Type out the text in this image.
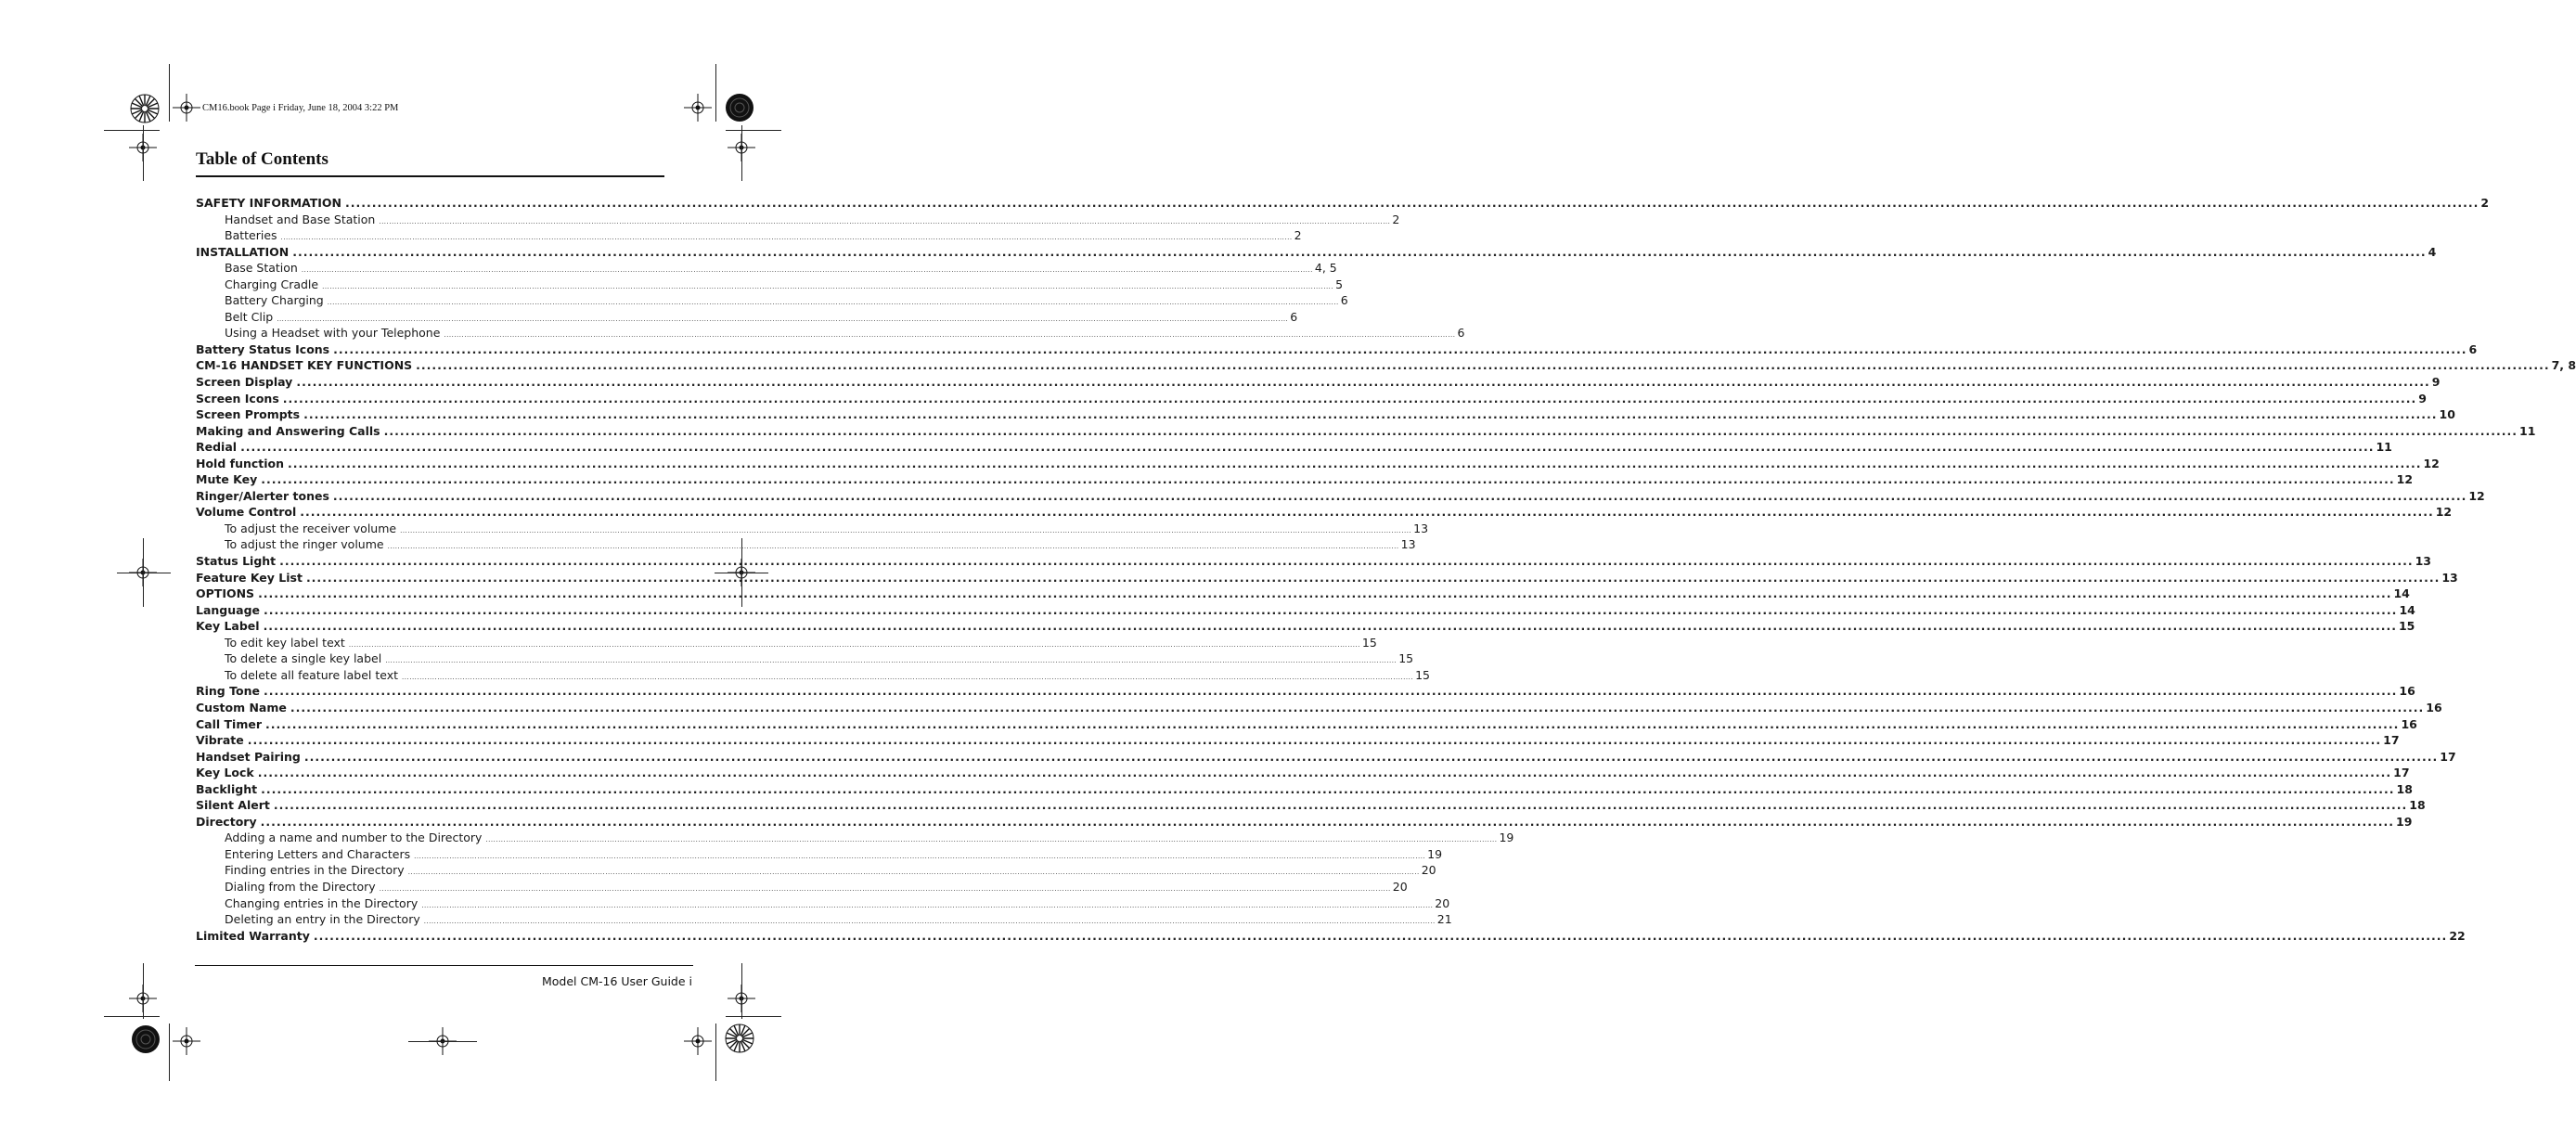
CM16.book Page i Friday, June 18, 2004 3:22 PM
Table of Contents
SAFETY INFORMATION ................................................................................................................................................................................................................................................................................................................................................................................................................ 2
Handset and Base Station ................................................................................................................................................................................................................................................................................................................................................................................................................ 2
Batteries ................................................................................................................................................................................................................................................................................................................................................................................................................ 2
INSTALLATION ................................................................................................................................................................................................................................................................................................................................................................................................................ 4
Base Station ................................................................................................................................................................................................................................................................................................................................................................................................................ 4, 5
Charging Cradle ................................................................................................................................................................................................................................................................................................................................................................................................................ 5
Battery Charging ................................................................................................................................................................................................................................................................................................................................................................................................................ 6
Belt Clip ................................................................................................................................................................................................................................................................................................................................................................................................................ 6
Using a Headset with your Telephone ................................................................................................................................................................................................................................................................................................................................................................................................................ 6
Battery Status Icons ................................................................................................................................................................................................................................................................................................................................................................................................................ 6
CM-16 HANDSET KEY FUNCTIONS ................................................................................................................................................................................................................................................................................................................................................................................................................ 7, 8
Screen Display ................................................................................................................................................................................................................................................................................................................................................................................................................ 9
Screen Icons ................................................................................................................................................................................................................................................................................................................................................................................................................ 9
Screen Prompts ................................................................................................................................................................................................................................................................................................................................................................................................................ 10
Making and Answering Calls ................................................................................................................................................................................................................................................................................................................................................................................................................ 11
Redial ................................................................................................................................................................................................................................................................................................................................................................................................................ 11
Hold function ................................................................................................................................................................................................................................................................................................................................................................................................................ 12
Mute Key ................................................................................................................................................................................................................................................................................................................................................................................................................ 12
Ringer/Alerter tones ................................................................................................................................................................................................................................................................................................................................................................................................................ 12
Volume Control ................................................................................................................................................................................................................................................................................................................................................................................................................ 12
To adjust the receiver volume ................................................................................................................................................................................................................................................................................................................................................................................................................ 13
To adjust the ringer volume ................................................................................................................................................................................................................................................................................................................................................................................................................ 13
Status Light ................................................................................................................................................................................................................................................................................................................................................................................................................ 13
Feature Key List ................................................................................................................................................................................................................................................................................................................................................................................................................ 13
OPTIONS ................................................................................................................................................................................................................................................................................................................................................................................................................ 14
Language ................................................................................................................................................................................................................................................................................................................................................................................................................ 14
Key Label ................................................................................................................................................................................................................................................................................................................................................................................................................ 15
To edit key label text ................................................................................................................................................................................................................................................................................................................................................................................................................ 15
To delete a single key label ................................................................................................................................................................................................................................................................................................................................................................................................................ 15
To delete all feature label text ................................................................................................................................................................................................................................................................................................................................................................................................................ 15
Ring Tone ................................................................................................................................................................................................................................................................................................................................................................................................................ 16
Custom Name ................................................................................................................................................................................................................................................................................................................................................................................................................ 16
Call Timer ................................................................................................................................................................................................................................................................................................................................................................................................................ 16
Vibrate ................................................................................................................................................................................................................................................................................................................................................................................................................ 17
Handset Pairing ................................................................................................................................................................................................................................................................................................................................................................................................................ 17
Key Lock ................................................................................................................................................................................................................................................................................................................................................................................................................ 17
Backlight ................................................................................................................................................................................................................................................................................................................................................................................................................ 18
Silent Alert ................................................................................................................................................................................................................................................................................................................................................................................................................ 18
Directory ................................................................................................................................................................................................................................................................................................................................................................................................................ 19
Adding a name and number to the Directory ................................................................................................................................................................................................................................................................................................................................................................................................................ 19
Entering Letters and Characters ................................................................................................................................................................................................................................................................................................................................................................................................................ 19
Finding entries in the Directory ................................................................................................................................................................................................................................................................................................................................................................................................................ 20
Dialing from the Directory ................................................................................................................................................................................................................................................................................................................................................................................................................ 20
Changing entries in the Directory ................................................................................................................................................................................................................................................................................................................................................................................................................ 20
Deleting an entry in the Directory ................................................................................................................................................................................................................................................................................................................................................................................................................ 21
Limited Warranty ................................................................................................................................................................................................................................................................................................................................................................................................................ 22
Model CM-16 User Guide i
